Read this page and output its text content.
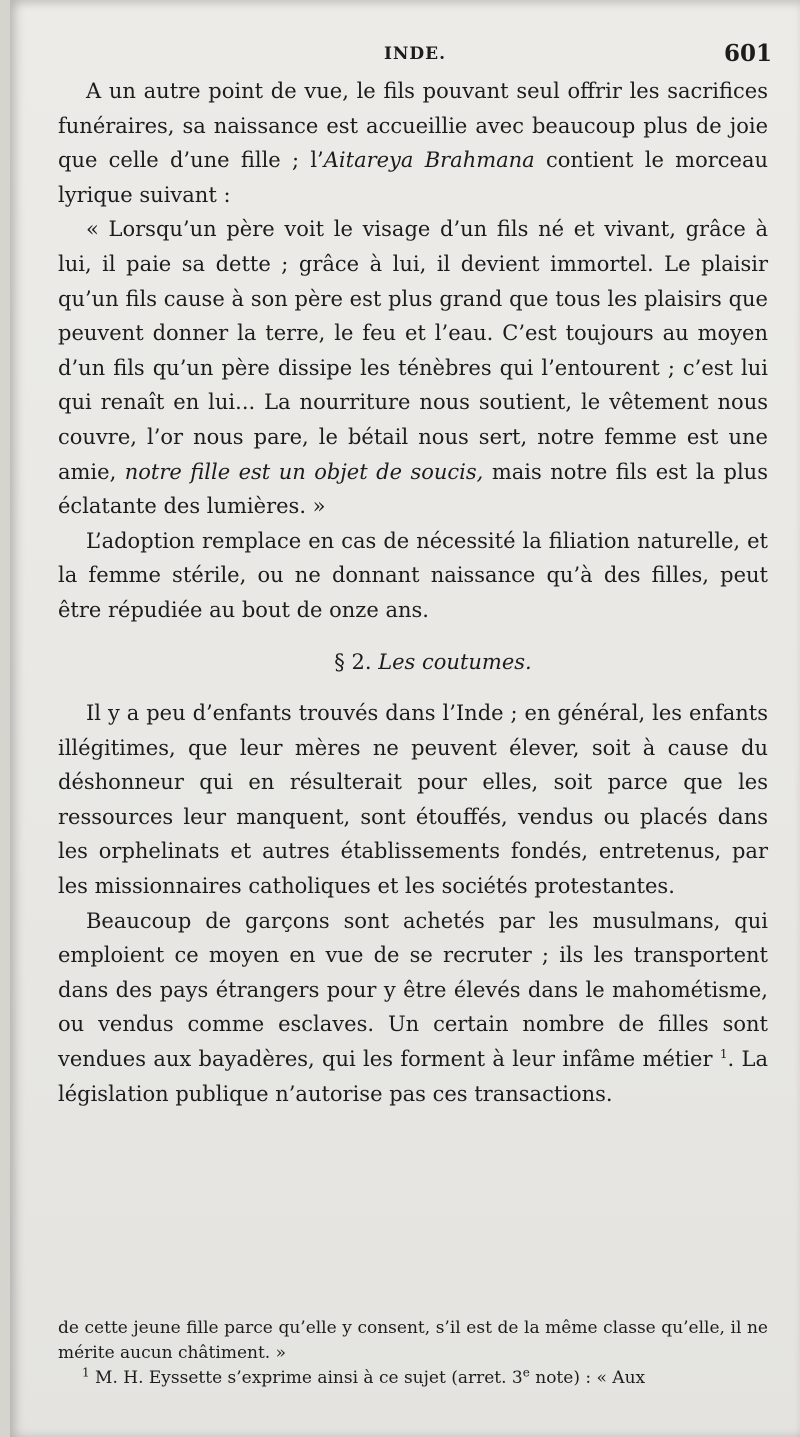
INDE.	601

A un autre point de vue, le fils pouvant seul offrir les sacrifices funéraires, sa naissance est accueillie avec beaucoup plus de joie que celle d’une fille ; l’Aitareya Brahmana contient le morceau lyrique suivant :

« Lorsqu’un père voit le visage d’un fils né et vivant, grâce à lui, il paie sa dette ; grâce à lui, il devient immortel. Le plaisir qu’un fils cause à son père est plus grand que tous les plaisirs que peuvent donner la terre, le feu et l’eau. C’est toujours au moyen d’un fils qu’un père dissipe les ténèbres qui l’entourent ; c’est lui qui renaît en lui... La nourriture nous soutient, le vêtement nous couvre, l’or nous pare, le bétail nous sert, notre femme est une amie, notre fille est un objet de soucis, mais notre fils est la plus éclatante des lumières. »

L’adoption remplace en cas de nécessité la filiation naturelle, et la femme stérile, ou ne donnant naissance qu’à des filles, peut être répudiée au bout de onze ans.

§ 2. Les coutumes.

Il y a peu d’enfants trouvés dans l’Inde ; en général, les enfants illégitimes, que leur mères ne peuvent élever, soit à cause du déshonneur qui en résulterait pour elles, soit parce que les ressources leur manquent, sont étouffés, vendus ou placés dans les orphelinats et autres établissements fondés, entretenus, par les missionnaires catholiques et les sociétés protestantes.

Beaucoup de garçons sont achetés par les musulmans, qui emploient ce moyen en vue de se recruter ; ils les transportent dans des pays étrangers pour y être élevés dans le mahométisme, ou vendus comme esclaves. Un certain nombre de filles sont vendues aux bayadères, qui les forment à leur infâme métier $^1$. La législation publique n’autorise pas ces transactions.

de cette jeune fille parce qu’elle y consent, s’il est de la même classe qu’elle, il ne mérite aucun châtiment. »

$^1$ M. H. Eyssette s’exprime ainsi à ce sujet (arret. 3e note) : « Aux
